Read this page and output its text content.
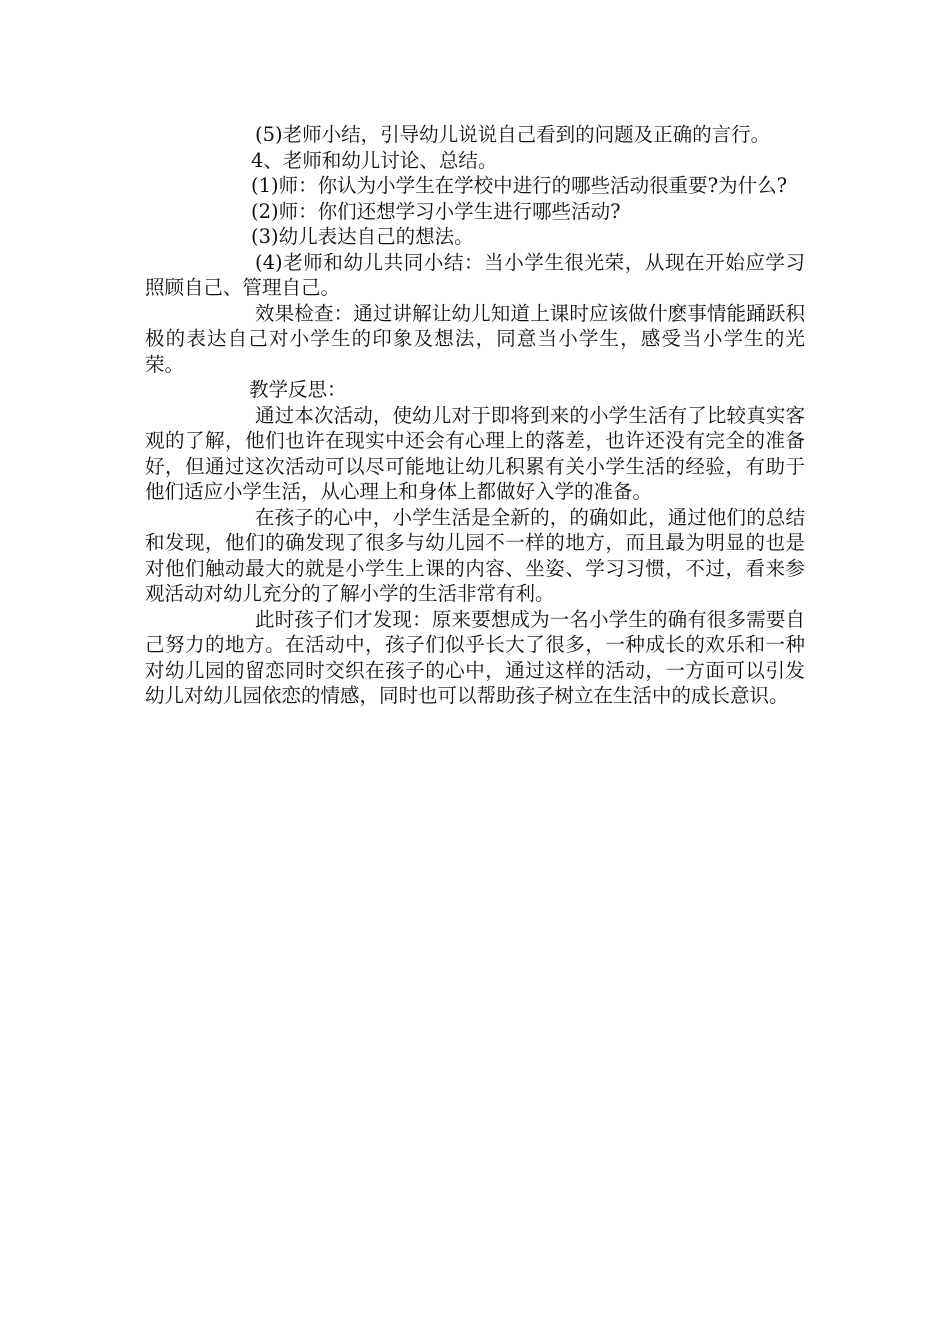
(5)老师小结，引导幼儿说说自己看到的问题及正确的言行。

4、老师和幼儿讨论、总结。

(1)师：你认为小学生在学校中进行的哪些活动很重要?为什么?

(2)师：你们还想学习小学生进行哪些活动?

(3)幼儿表达自己的想法。

(4)老师和幼儿共同小结：当小学生很光荣，从现在开始应学习照顾自己、管理自己。

效果检查：通过讲解让幼儿知道上课时应该做什麽事情能踊跃积极的表达自己对小学生的印象及想法，同意当小学生，感受当小学生的光荣。

教学反思：

通过本次活动，使幼儿对于即将到来的小学生活有了比较真实客观的了解，他们也许在现实中还会有心理上的落差，也许还没有完全的准备好，但通过这次活动可以尽可能地让幼儿积累有关小学生活的经验，有助于他们适应小学生活，从心理上和身体上都做好入学的准备。

在孩子的心中，小学生活是全新的，的确如此，通过他们的总结和发现，他们的确发现了很多与幼儿园不一样的地方，而且最为明显的也是对他们触动最大的就是小学生上课的内容、坐姿、学习习惯，不过，看来参观活动对幼儿充分的了解小学的生活非常有利。

此时孩子们才发现：原来要想成为一名小学生的确有很多需要自己努力的地方。在活动中，孩子们似乎长大了很多，一种成长的欢乐和一种对幼儿园的留恋同时交织在孩子的心中，通过这样的活动，一方面可以引发幼儿对幼儿园依恋的情感，同时也可以帮助孩子树立在生活中的成长意识。
